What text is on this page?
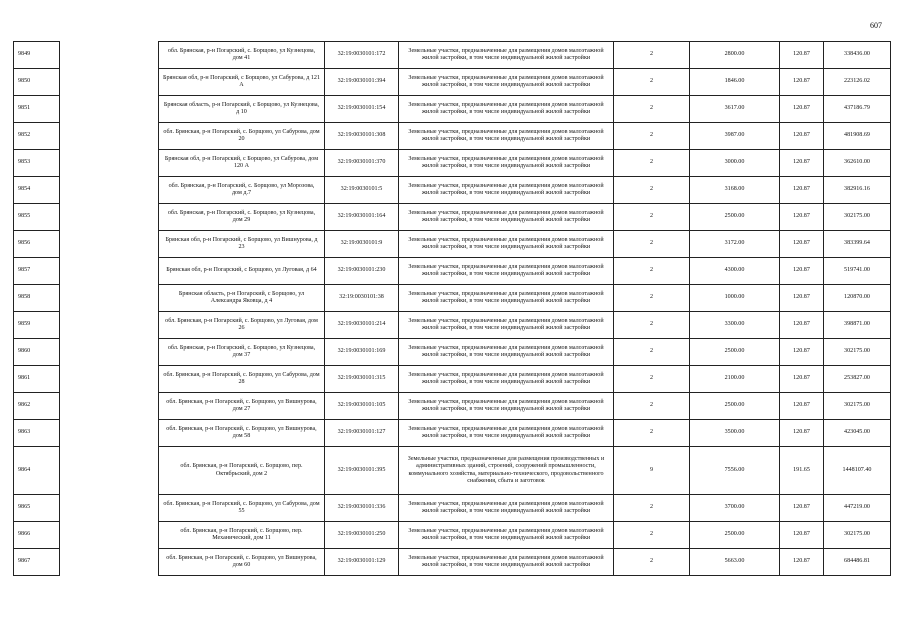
607
9849		обл. Брянская, р-н Погарский, с. Борщово, ул Кузнецова, дом 41	32:19:0030101:172	Земельные участки, предназначенные для размещения домов малоэтажной жилой застройки, в том числе индивидуальной жилой застройки	2	2800.00	120.87	338436.00
9850		Брянская обл, р-н Погарский, с Борщово, ул Сабурова, д 121 А	32:19:0030101:394	Земельные участки, предназначенные для размещения домов малоэтажной жилой застройки, в том числе индивидуальной жилой застройки	2	1846.00	120.87	223126.02
9851		Брянская область, р-н Погарский, с Борщово, ул Кузнецова, д 10	32:19:0030101:154	Земельные участки, предназначенные для размещения домов малоэтажной жилой застройки, в том числе индивидуальной жилой застройки	2	3617.00	120.87	437186.79
9852		обл. Брянская, р-н Погарский, с. Борщово, ул Сабурова, дом 20	32:19:0030101:308	Земельные участки, предназначенные для размещения домов малоэтажной жилой застройки, в том числе индивидуальной жилой застройки	2	3987.00	120.87	481908.69
9853		Брянская обл, р-н Погарский, с Борщово, ул Сабурова, дом 120 А	32:19:0030101:370	Земельные участки, предназначенные для размещения домов малоэтажной жилой застройки, в том числе индивидуальной жилой застройки	2	3000.00	120.87	362610.00
9854		обл. Брянская, р-н Погарский, с. Борщово, ул Морозова, дом д.7	32:19:0030101:5	Земельные участки, предназначенные для размещения домов малоэтажной жилой застройки, в том числе индивидуальной жилой застройки	2	3168.00	120.87	382916.16
9855		обл. Брянская, р-н Погарский, с. Борщово, ул Кузнецова, дом 29	32:19:0030101:164	Земельные участки, предназначенные для размещения домов малоэтажной жилой застройки, в том числе индивидуальной жилой застройки	2	2500.00	120.87	302175.00
9856		Брянская обл, р-н Погарский, с Борщово, ул Вишнурова, д 23	32:19:0030101:9	Земельные участки, предназначенные для размещения домов малоэтажной жилой застройки, в том числе индивидуальной жилой застройки	2	3172.00	120.87	383399.64
9857		Брянская обл, р-н Погарский, с Борщово, ул Луговая, д 64	32:19:0030101:230	Земельные участки, предназначенные для размещения домов малоэтажной жилой застройки, в том числе индивидуальной жилой застройки	2	4300.00	120.87	519741.00
9858		Брянская область, р-н Погарский, с Борщово, ул Александра Яковца, д 4	32:19:0030101:38	Земельные участки, предназначенные для размещения домов малоэтажной жилой застройки, в том числе индивидуальной жилой застройки	2	1000.00	120.87	120870.00
9859		обл. Брянская, р-н Погарский, с. Борщово, ул Луговая, дом 26	32:19:0030101:214	Земельные участки, предназначенные для размещения домов малоэтажной жилой застройки, в том числе индивидуальной жилой застройки	2	3300.00	120.87	398871.00
9860		обл. Брянская, р-н Погарский, с. Борщово, ул Кузнецова, дом 37	32:19:0030101:169	Земельные участки, предназначенные для размещения домов малоэтажной жилой застройки, в том числе индивидуальной жилой застройки	2	2500.00	120.87	302175.00
9861		обл. Брянская, р-н Погарский, с. Борщово, ул Сабурова, дом 28	32:19:0030101:315	Земельные участки, предназначенные для размещения домов малоэтажной жилой застройки, в том числе индивидуальной жилой застройки	2	2100.00	120.87	253827.00
9862		обл. Брянская, р-н Погарский, с. Борщово, ул Вишнурова, дом 27	32:19:0030101:105	Земельные участки, предназначенные для размещения домов малоэтажной жилой застройки, в том числе индивидуальной жилой застройки	2	2500.00	120.87	302175.00
9863		обл. Брянская, р-н Погарский, с. Борщово, ул Вишнурова, дом 58	32:19:0030101:127	Земельные участки, предназначенные для размещения домов малоэтажной жилой застройки, в том числе индивидуальной жилой застройки	2	3500.00	120.87	423045.00
9864		обл. Брянская, р-н Погарский, с. Борщово, пер. Октябрьский, дом 2	32:19:0030101:395	Земельные участки, предназначенные для размещения производственных и административных зданий, строений, сооружений промышленности, коммунального хозяйства, материально-технического, продовольственного снабжения, сбыта и заготовок	9	7556.00	191.65	1448107.40
9865		обл. Брянская, р-н Погарский, с. Борщово, ул Сабурова, дом 55	32:19:0030101:336	Земельные участки, предназначенные для размещения домов малоэтажной жилой застройки, в том числе индивидуальной жилой застройки	2	3700.00	120.87	447219.00
9866		обл. Брянская, р-н Погарский, с. Борщово, пер. Механический, дом 11	32:19:0030101:250	Земельные участки, предназначенные для размещения домов малоэтажной жилой застройки, в том числе индивидуальной жилой застройки	2	2500.00	120.87	302175.00
9867		обл. Брянская, р-н Погарский, с. Борщово, ул Вишнурова, дом 60	32:19:0030101:129	Земельные участки, предназначенные для размещения домов малоэтажной жилой застройки, в том числе индивидуальной жилой застройки	2	5663.00	120.87	684486.81
